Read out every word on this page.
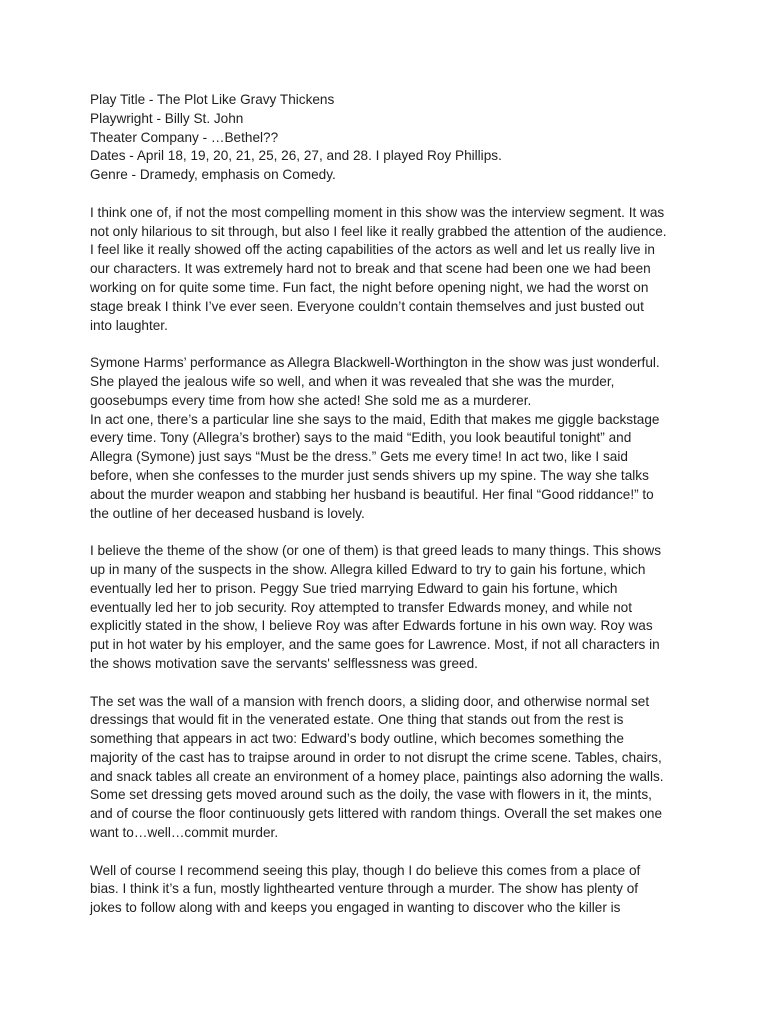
Play Title - The Plot Like Gravy Thickens

Playwright - Billy St. John

Theater Company - …Bethel??

Dates - April 18, 19, 20, 21, 25, 26, 27, and 28. I played Roy Phillips.

Genre - Dramedy, emphasis on Comedy.

I think one of, if not the most compelling moment in this show was the interview segment. It was

not only hilarious to sit through, but also I feel like it really grabbed the attention of the audience.

I feel like it really showed off the acting capabilities of the actors as well and let us really live in

our characters. It was extremely hard not to break and that scene had been one we had been

working on for quite some time. Fun fact, the night before opening night, we had the worst on

stage break I think I’ve ever seen. Everyone couldn’t contain themselves and just busted out

into laughter.

Symone Harms’ performance as Allegra Blackwell-Worthington in the show was just wonderful.

She played the jealous wife so well, and when it was revealed that she was the murder,

goosebumps every time from how she acted! She sold me as a murderer.

In act one, there’s a particular line she says to the maid, Edith that makes me giggle backstage

every time. Tony (Allegra’s brother) says to the maid “Edith, you look beautiful tonight” and

Allegra (Symone) just says “Must be the dress.” Gets me every time! In act two, like I said

before, when she confesses to the murder just sends shivers up my spine. The way she talks

about the murder weapon and stabbing her husband is beautiful. Her final “Good riddance!” to

the outline of her deceased husband is lovely.

I believe the theme of the show (or one of them) is that greed leads to many things. This shows

up in many of the suspects in the show. Allegra killed Edward to try to gain his fortune, which

eventually led her to prison. Peggy Sue tried marrying Edward to gain his fortune, which

eventually led her to job security. Roy attempted to transfer Edwards money, and while not

explicitly stated in the show, I believe Roy was after Edwards fortune in his own way. Roy was

put in hot water by his employer, and the same goes for Lawrence. Most, if not all characters in

the shows motivation save the servants' selflessness was greed.

The set was the wall of a mansion with french doors, a sliding door, and otherwise normal set

dressings that would fit in the venerated estate. One thing that stands out from the rest is

something that appears in act two: Edward’s body outline, which becomes something the

majority of the cast has to traipse around in order to not disrupt the crime scene. Tables, chairs,

and snack tables all create an environment of a homey place, paintings also adorning the walls.

Some set dressing gets moved around such as the doily, the vase with flowers in it, the mints,

and of course the floor continuously gets littered with random things. Overall the set makes one

want to…well…commit murder.

Well of course I recommend seeing this play, though I do believe this comes from a place of

bias. I think it’s a fun, mostly lighthearted venture through a murder. The show has plenty of

jokes to follow along with and keeps you engaged in wanting to discover who the killer is
